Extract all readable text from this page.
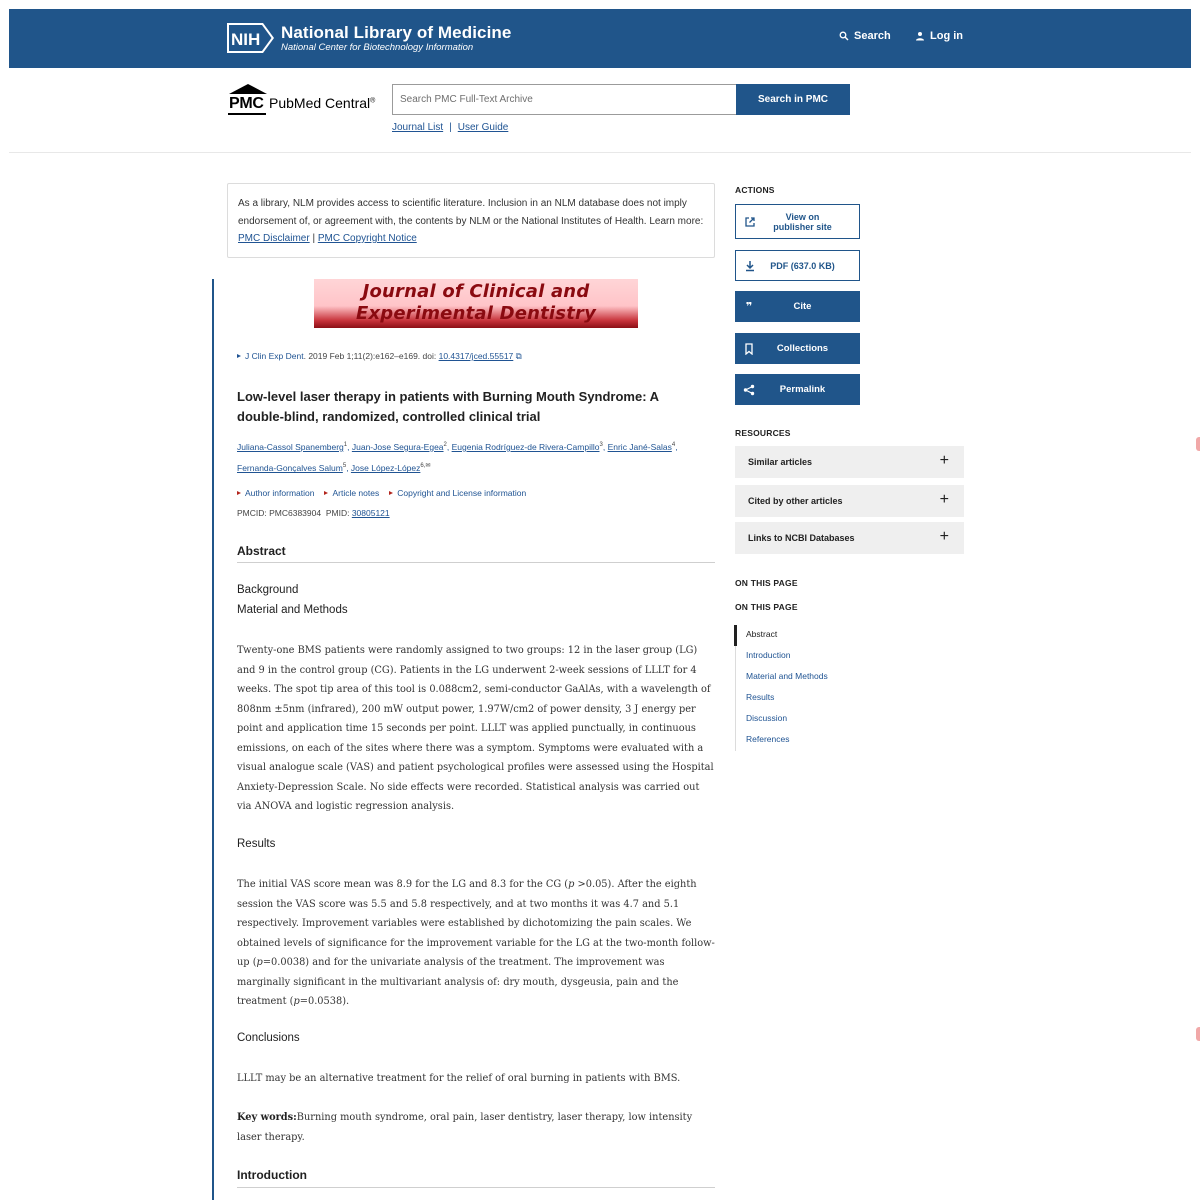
NIH National Library of Medicine
National Center for Biotechnology Information
Search	Log in
PMC PubMed Central®
Search PMC Full-Text Archive	Search in PMC
Journal List | User Guide
As a library, NLM provides access to scientific literature. Inclusion in an NLM database does not imply endorsement of, or agreement with, the contents by NLM or the National Institutes of Health. Learn more: PMC Disclaimer | PMC Copyright Notice
Journal of Clinical and
Experimental Dentistry
J Clin Exp Dent. 2019 Feb 1;11(2):e162–e169. doi: 10.4317/jced.55517 ⧉
Low-level laser therapy in patients with Burning Mouth Syndrome: A double-blind, randomized, controlled clinical trial
Juliana-Cassol Spanemberg$^1$, Juan-Jose Segura-Egea$^2$, Eugenia Rodríguez-de Rivera-Campillo$^3$, Enric Jané-Salas$^4$, Fernanda-Gonçalves Salum$^5$, Jose López-López$^{6,✉}$
Author information	Article notes	Copyright and License information
PMCID: PMC6383904 PMID: 30805121
Abstract
Background
Material and Methods

Twenty-one BMS patients were randomly assigned to two groups: 12 in the laser group (LG) and 9 in the control group (CG). Patients in the LG underwent 2-week sessions of LLLT for 4 weeks. The spot tip area of this tool is 0.088cm2, semi-conductor GaAlAs, with a wavelength of 808nm ±5nm (infrared), 200 mW output power, 1.97W/cm2 of power density, 3 J energy per point and application time 15 seconds per point. LLLT was applied punctually, in continuous emissions, on each of the sites where there was a symptom. Symptoms were evaluated with a visual analogue scale (VAS) and patient psychological profiles were assessed using the Hospital Anxiety-Depression Scale. No side effects were recorded. Statistical analysis was carried out via ANOVA and logistic regression analysis.

Results

The initial VAS score mean was 8.9 for the LG and 8.3 for the CG (p >0.05). After the eighth session the VAS score was 5.5 and 5.8 respectively, and at two months it was 4.7 and 5.1 respectively. Improvement variables were established by dichotomizing the pain scales. We obtained levels of significance for the improvement variable for the LG at the two-month follow-up (p=0.0038) and for the univariate analysis of the treatment. The improvement was marginally significant in the multivariant analysis of: dry mouth, dysgeusia, pain and the treatment (p=0.0538).

Conclusions

LLLT may be an alternative treatment for the relief of oral burning in patients with BMS.

Key words:Burning mouth syndrome, oral pain, laser dentistry, laser therapy, low intensity laser therapy.

Introduction
ACTIONS
View on
publisher site
PDF (637.0 KB)
❞	Cite
Collections
Permalink
RESOURCES
Similar articles	+
Cited by other articles	+
Links to NCBI Databases	+
ON THIS PAGE
ON THIS PAGE
Abstract
Introduction
Material and Methods
Results
Discussion
References
